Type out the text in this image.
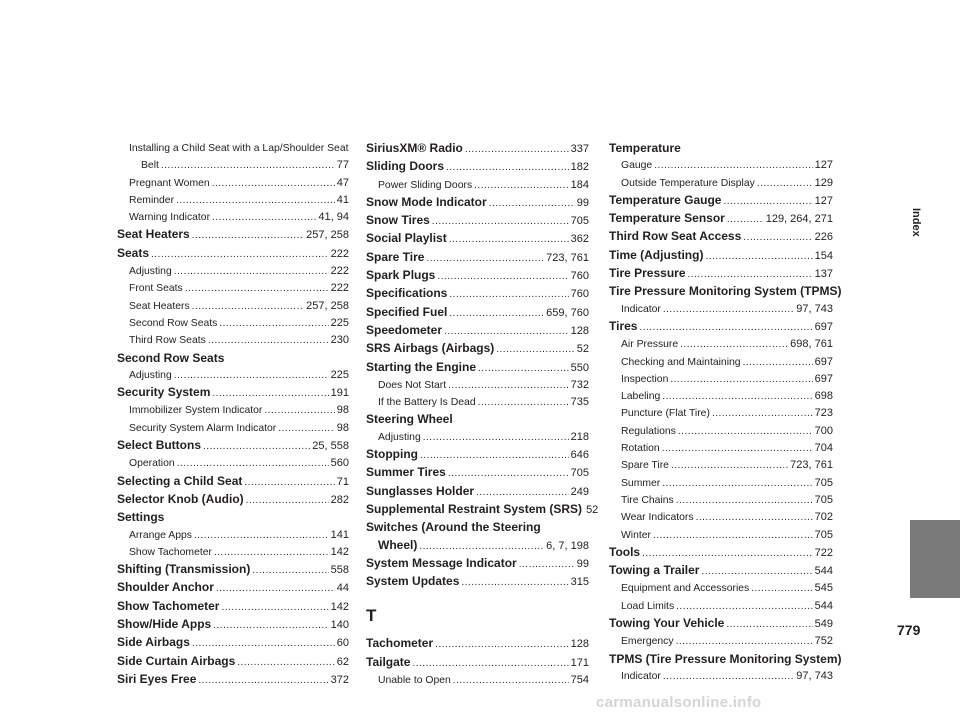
Installing a Child Seat with a Lap/Shoulder Seat
Belt .....	77
Pregnant Women .....	47
Reminder .....	41
Warning Indicator .....	41, 94
Seat Heaters .....	257, 258
Seats .....	222
Adjusting .....	222
Front Seats .....	222
Seat Heaters .....	257, 258
Second Row Seats .....	225
Third Row Seats .....	230
Second Row Seats
Adjusting .....	225
Security System .....	191
Immobilizer System Indicator .....	98
Security System Alarm Indicator .....	98
Select Buttons .....	25, 558
Operation .....	560
Selecting a Child Seat .....	71
Selector Knob (Audio) .....	282
Settings
Arrange Apps .....	141
Show Tachometer .....	142
Shifting (Transmission) .....	558
Shoulder Anchor .....	44
Show Tachometer .....	142
Show/Hide Apps .....	140
Side Airbags .....	60
Side Curtain Airbags .....	62
Siri Eyes Free .....	372
SiriusXM® Radio .....	337
Sliding Doors .....	182
Power Sliding Doors .....	184
Snow Mode Indicator .....	99
Snow Tires .....	705
Social Playlist .....	362
Spare Tire .....	723, 761
Spark Plugs .....	760
Specifications .....	760
Specified Fuel .....	659, 760
Speedometer .....	128
SRS Airbags (Airbags) .....	52
Starting the Engine .....	550
Does Not Start .....	732
If the Battery Is Dead .....	735
Steering Wheel
Adjusting .....	218
Stopping .....	646
Summer Tires .....	705
Sunglasses Holder .....	249
Supplemental Restraint System (SRS) 52
Switches (Around the Steering
Wheel) .....	6, 7, 198
System Message Indicator .....	99
System Updates .....	315
T
Tachometer .....	128
Tailgate .....	171
Unable to Open .....	754
Temperature
Gauge .....	127
Outside Temperature Display .....	129
Temperature Gauge .....	127
Temperature Sensor .....	129, 264, 271
Third Row Seat Access .....	226
Time (Adjusting) .....	154
Tire Pressure .....	137
Tire Pressure Monitoring System (TPMS)
Indicator .....	97, 743
Tires .....	697
Air Pressure .....	698, 761
Checking and Maintaining .....	697
Inspection .....	697
Labeling .....	698
Puncture (Flat Tire) .....	723
Regulations .....	700
Rotation .....	704
Spare Tire .....	723, 761
Summer .....	705
Tire Chains .....	705
Wear Indicators .....	702
Winter .....	705
Tools .....	722
Towing a Trailer .....	544
Equipment and Accessories .....	545
Load Limits .....	544
Towing Your Vehicle .....	549
Emergency .....	752
TPMS (Tire Pressure Monitoring System)
Indicator .....	97, 743
Index
779
carmanualsonline.info
